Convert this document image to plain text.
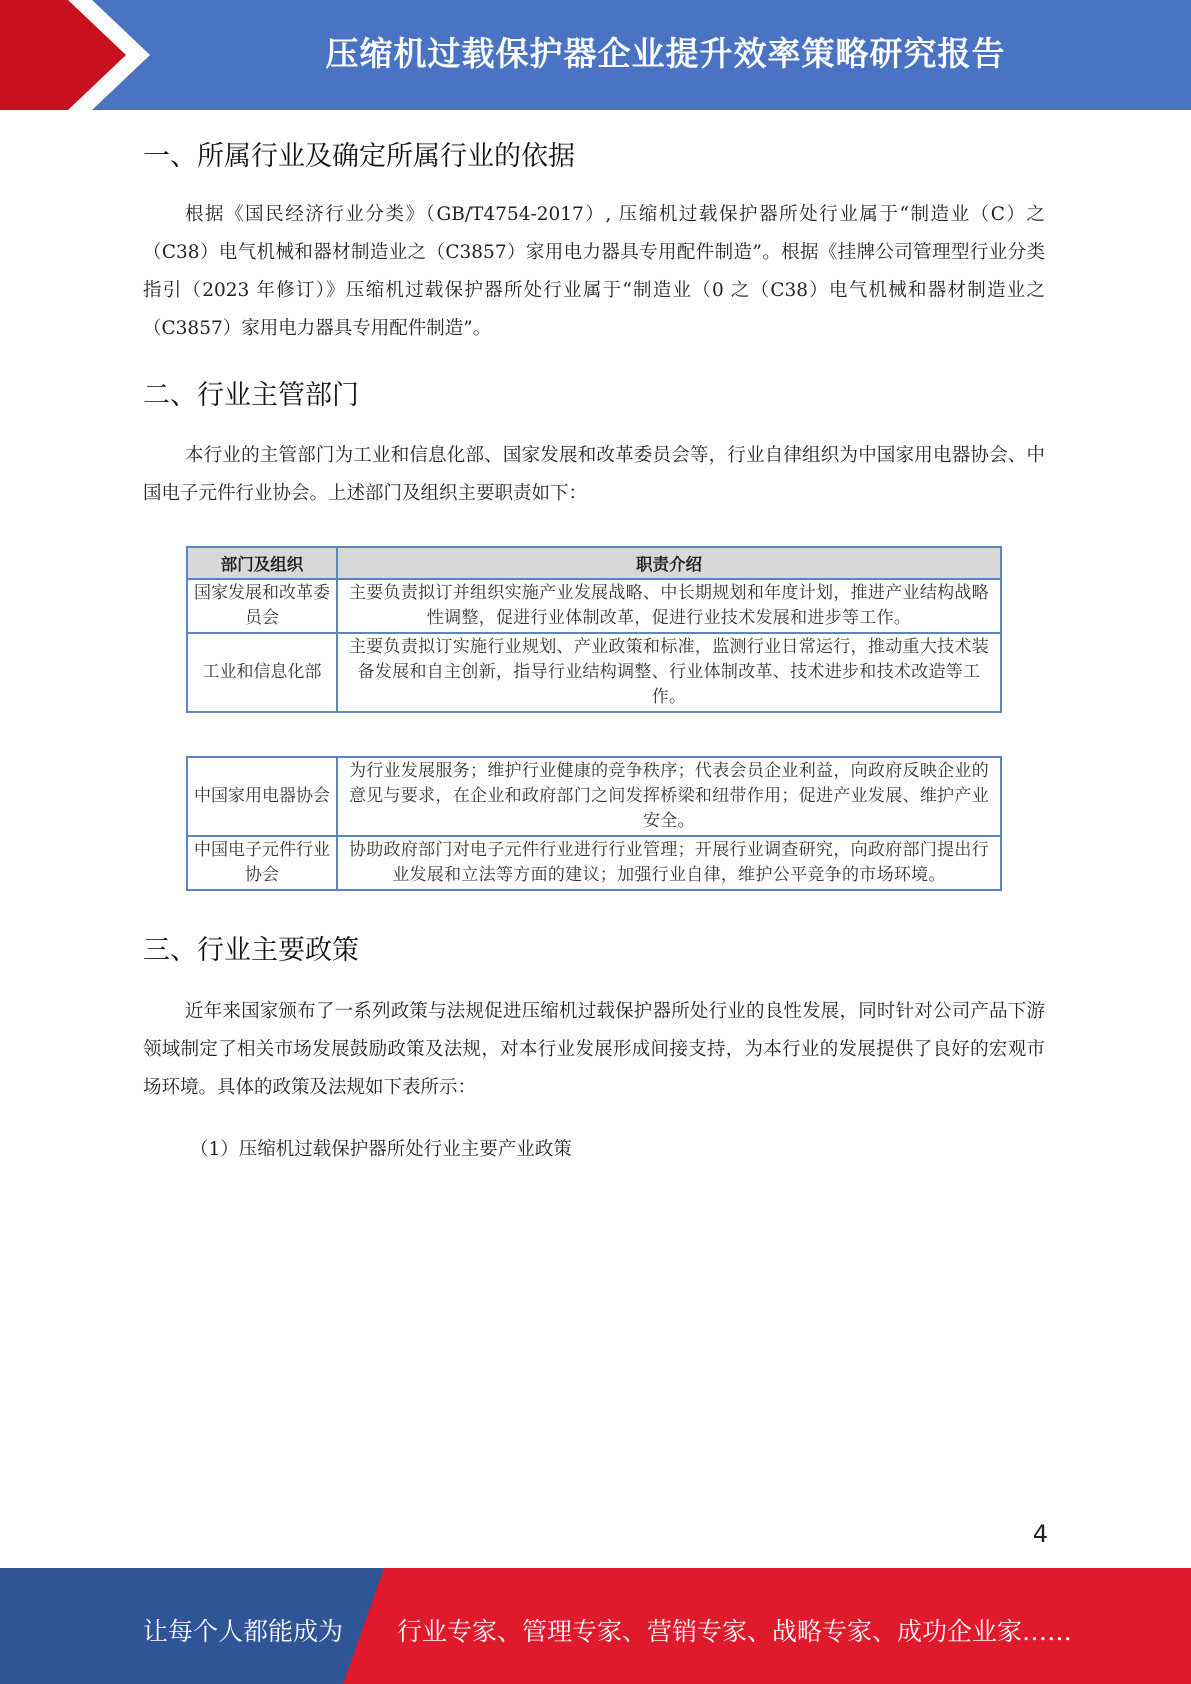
压缩机过载保护器企业提升效率策略研究报告
一、所属行业及确定所属行业的依据
根据《国民经济行业分类》（GB/T4754-2017）, 压缩机过载保护器所处行业属于“制造业（C）之（C38）电气机械和器材制造业之（C3857）家用电力器具专用配件制造”。根据《挂牌公司管理型行业分类指引（2023 年修订）》压缩机过载保护器所处行业属于“制造业（0 之（C38）电气机械和器材制造业之（C3857）家用电力器具专用配件制造”。
二、行业主管部门
本行业的主管部门为工业和信息化部、国家发展和改革委员会等，行业自律组织为中国家用电器协会、中国电子元件行业协会。上述部门及组织主要职责如下：
部门及组织	职责介绍
国家发展和改革委员会	主要负责拟订并组织实施产业发展战略、中长期规划和年度计划，推进产业结构战略性调整，促进行业体制改革，促进行业技术发展和进步等工作。
工业和信息化部	主要负责拟订实施行业规划、产业政策和标准，监测行业日常运行，推动重大技术装备发展和自主创新，指导行业结构调整、行业体制改革、技术进步和技术改造等工作。
中国家用电器协会	为行业发展服务；维护行业健康的竞争秩序；代表会员企业利益，向政府反映企业的意见与要求，在企业和政府部门之间发挥桥梁和纽带作用；促进产业发展、维护产业安全。
中国电子元件行业协会	协助政府部门对电子元件行业进行行业管理；开展行业调查研究，向政府部门提出行业发展和立法等方面的建议；加强行业自律，维护公平竞争的市场环境。
三、行业主要政策
近年来国家颁布了一系列政策与法规促进压缩机过载保护器所处行业的良性发展，同时针对公司产品下游领域制定了相关市场发展鼓励政策及法规，对本行业发展形成间接支持，为本行业的发展提供了良好的宏观市场环境。具体的政策及法规如下表所示：
（1）压缩机过载保护器所处行业主要产业政策
4
让每个人都能成为 行业专家、管理专家、营销专家、战略专家、成功企业家……
